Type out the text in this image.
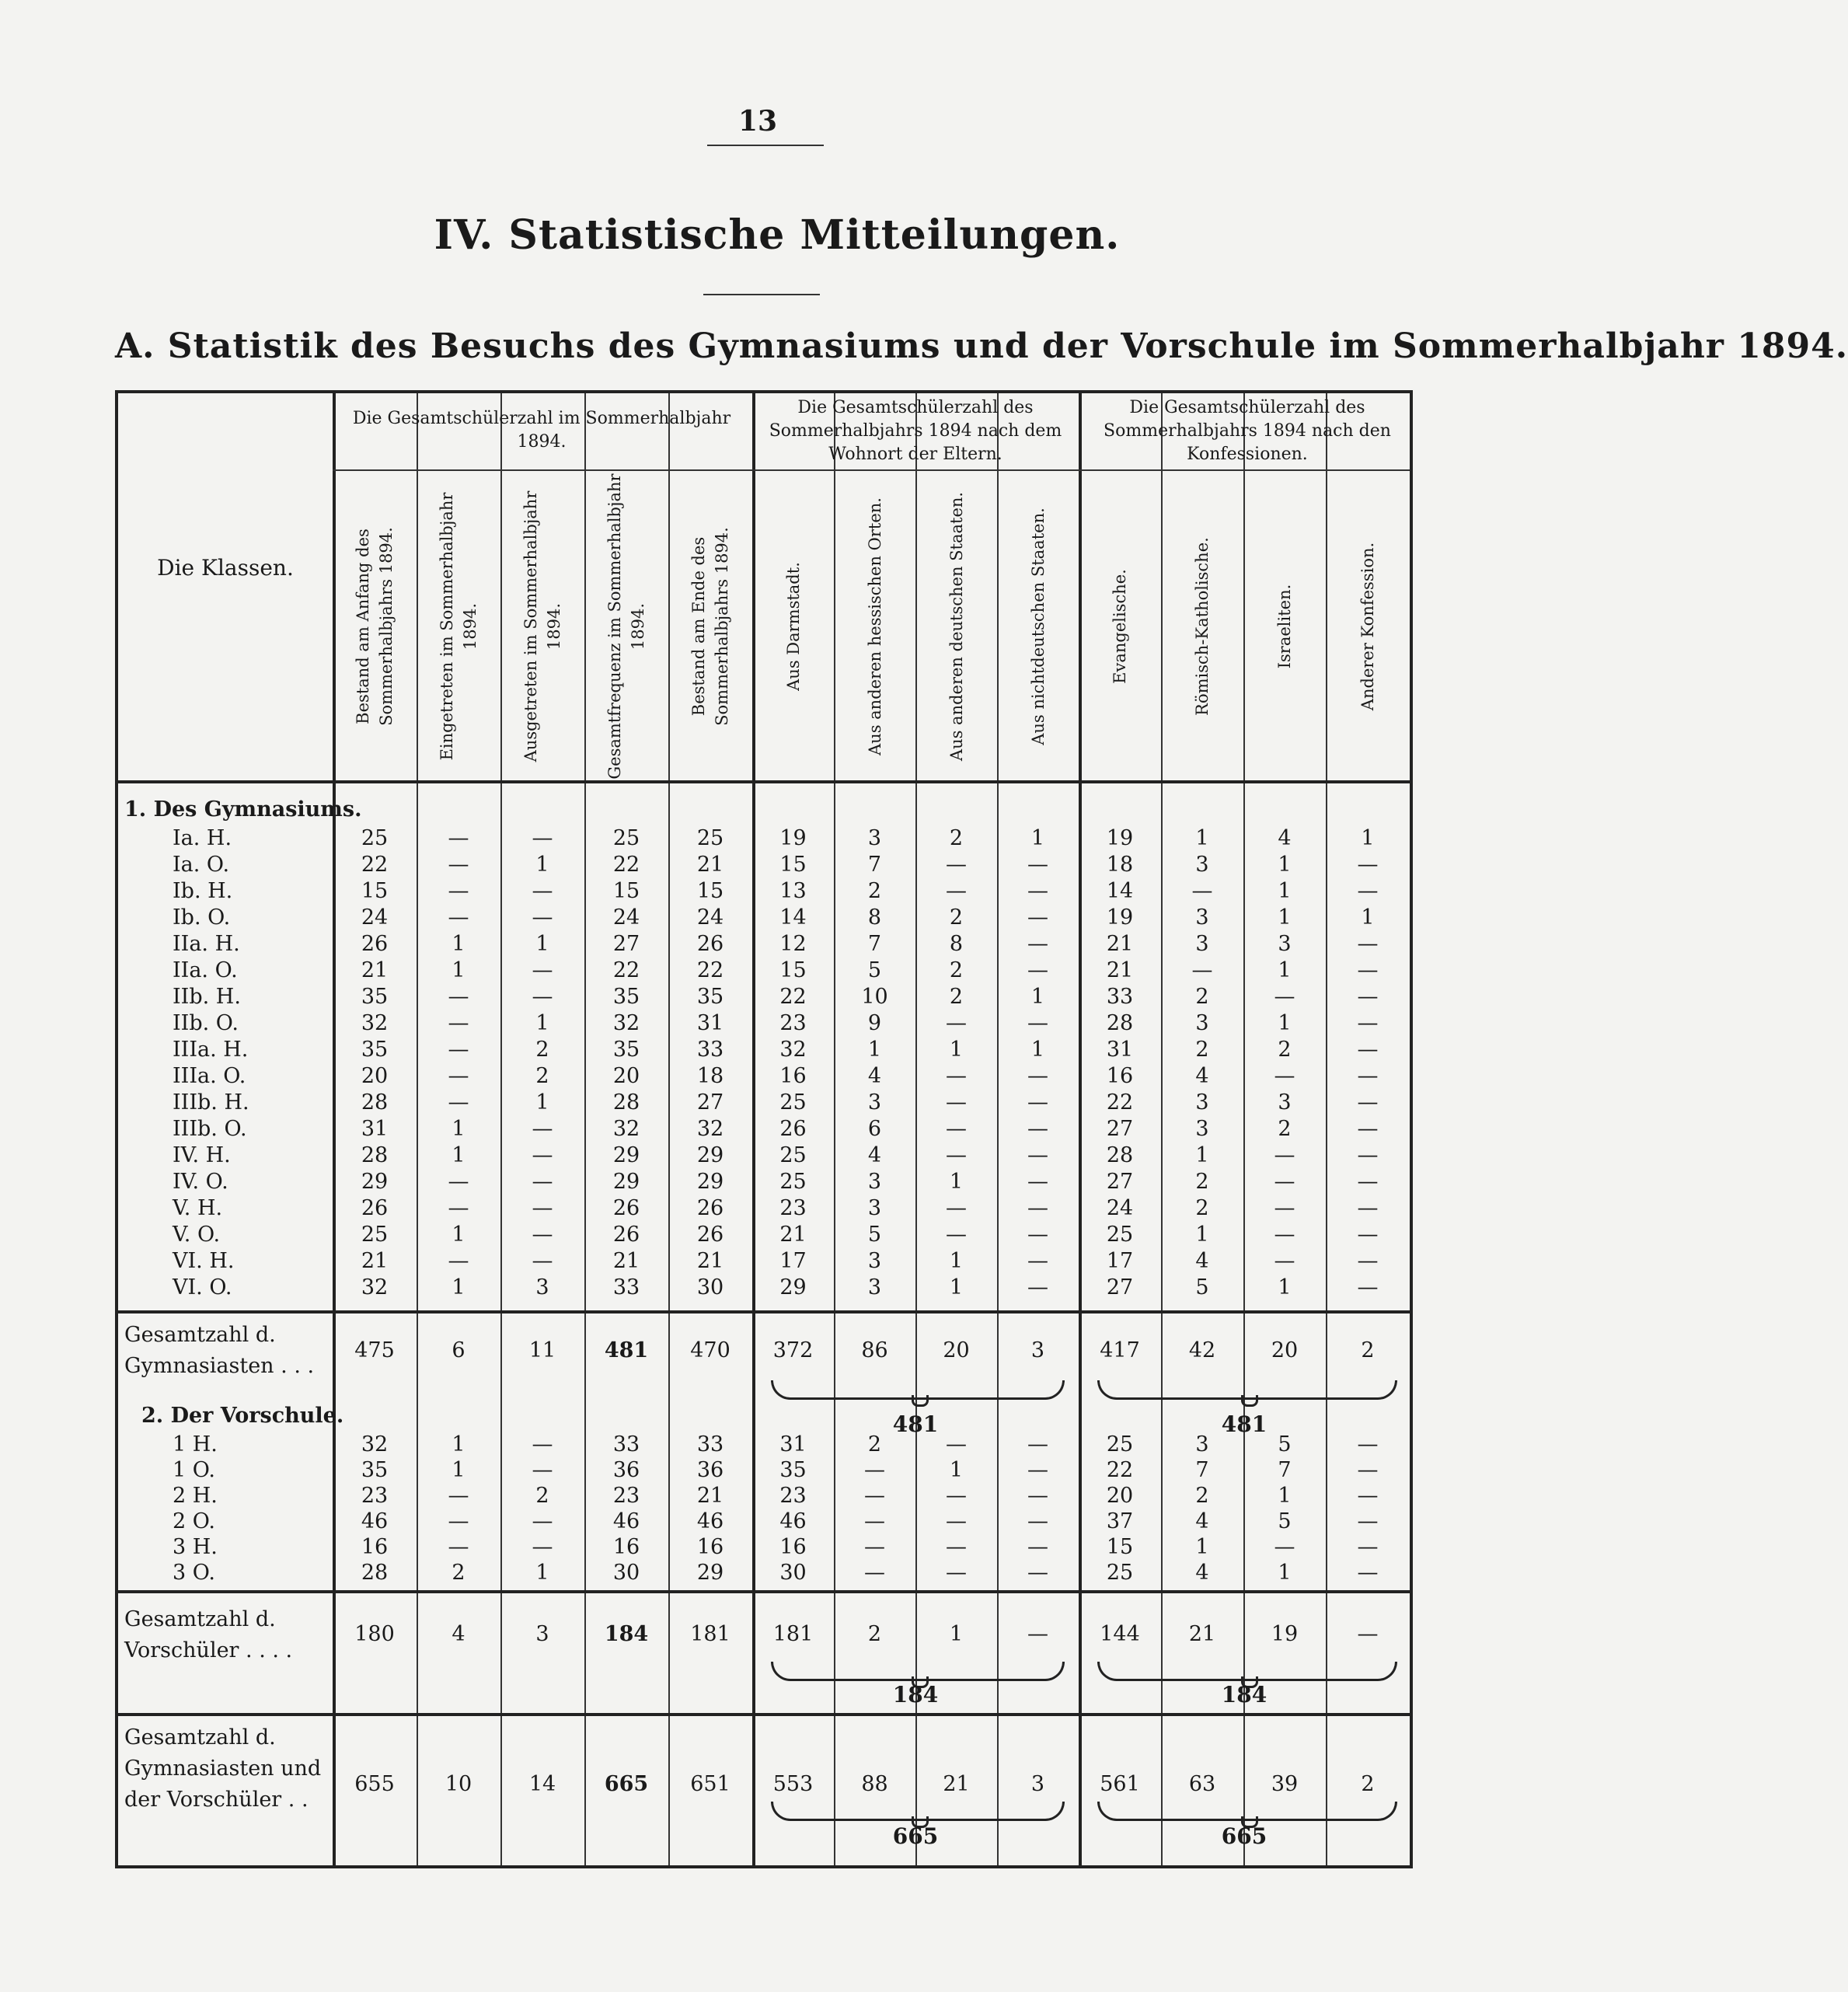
13
IV. Statistische Mitteilungen.
A. Statistik des Besuchs des Gymnasiums und der Vorschule im Sommerhalbjahr 1894.
Die Gesamtschülerzahl im Sommerhalbjahr 1894.
Die Gesamtschülerzahl des Sommerhalbjahrs 1894 nach dem Wohnort der Eltern.
Die Gesamtschülerzahl des Sommerhalbjahrs 1894 nach den Konfessionen.
Die Klassen.	Bestand am Anfang des Sommerhalbjahrs 1894.	Eingetreten im Sommerhalbjahr 1894.	Ausgetreten im Sommerhalbjahr 1894.	Gesamtfrequenz im Sommerhalbjahr 1894.	Bestand am Ende des Sommerhalbjahrs 1894.	Aus Darmstadt.	Aus anderen hessischen Orten.	Aus anderen deutschen Staaten.	Aus nichtdeutschen Staaten.	Evangelische.	Römisch-Katholische.	Israeliten.	Anderer Konfession.
1. Des Gymnasiums.
Ia. H.	25	—	—	25	25	19	3	2	1	19	1	4	1
Ia. O.	22	—	1	22	21	15	7	—	—	18	3	1	—
Ib. H.	15	—	—	15	15	13	2	—	—	14	—	1	—
Ib. O.	24	—	—	24	24	14	8	2	—	19	3	1	1
IIa. H.	26	1	1	27	26	12	7	8	—	21	3	3	—
IIa. O.	21	1	—	22	22	15	5	2	—	21	—	1	—
IIb. H.	35	—	—	35	35	22	10	2	1	33	2	—	—
IIb. O.	32	—	1	32	31	23	9	—	—	28	3	1	—
IIIa. H.	35	—	2	35	33	32	1	1	1	31	2	2	—
IIIa. O.	20	—	2	20	18	16	4	—	—	16	4	—	—
IIIb. H.	28	—	1	28	27	25	3	—	—	22	3	3	—
IIIb. O.	31	1	—	32	32	26	6	—	—	27	3	2	—
IV. H.	28	1	—	29	29	25	4	—	—	28	1	—	—
IV. O.	29	—	—	29	29	25	3	1	—	27	2	—	—
V. H.	26	—	—	26	26	23	3	—	—	24	2	—	—
V. O.	25	1	—	26	26	21	5	—	—	25	1	—	—
VI. H.	21	—	—	21	21	17	3	1	—	17	4	—	—
VI. O.	32	1	3	33	30	29	3	1	—	27	5	1	—
Gesamtzahl d. Gymnasiasten . . .
475	6	11	481	470	372	86	20	3	417	42	20	2
481	481
2. Der Vorschule.
1 H.	32	1	—	33	33	31	2	—	—	25	3	5	—
1 O.	35	1	—	36	36	35	—	1	—	22	7	7	—
2 H.	23	—	2	23	21	23	—	—	—	20	2	1	—
2 O.	46	—	—	46	46	46	—	—	—	37	4	5	—
3 H.	16	—	—	16	16	16	—	—	—	15	1	—	—
3 O.	28	2	1	30	29	30	—	—	—	25	4	1	—
Gesamtzahl d. Vorschüler . . . .
180	4	3	184	181	181	2	1	—	144	21	19	—
184	184
Gesamtzahl d. Gymnasiasten und der Vorschüler . .
655	10	14	665	651	553	88	21	3	561	63	39	2
665	665
